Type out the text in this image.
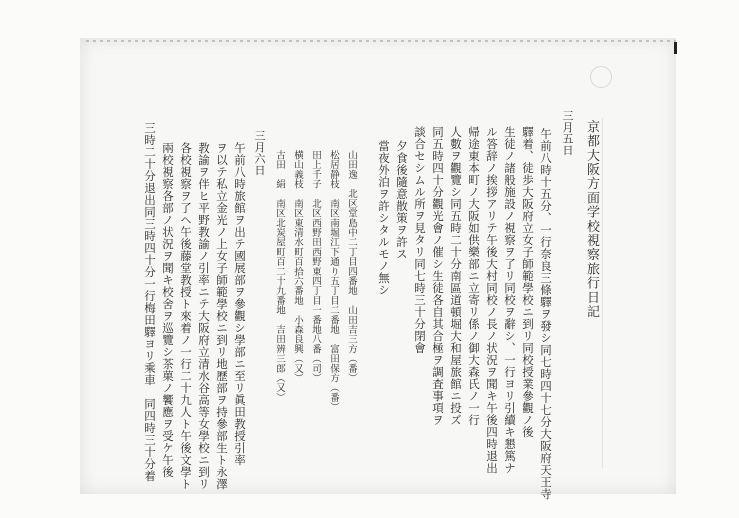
京都大阪方面学校視察旅行日記
三月五日
午前八時十五分、一行奈良三條驛ヲ發シ同七時四十七分大阪府天王寺
驛着、徒歩大阪府立女子師範學校ニ到リ同校授業參觀ノ後
生徒ノ諸般施設ノ視察ヲ了リ同校ヲ辭シ、一行ヨリ引續キ懇篤ナ
ル答辞ノ挨拶アリテ午後大村同校ノ長ノ状況ヲ聞キ午後四時退出
帰途東本町ノ大阪如供樂部ニ立寄リ係ノ御大森氏ノ一行
人數ヲ觀覽シ同五時二十分南區道頓堀大和屋旅館ニ投ズ
同五時四十分觀光會ノ催シ生徒各自其合極ヲ調査事項ヲ
談合セシムル所ヲ見タリ同七時三十分閉會
夕食後隨意散策ヲ許ス
當夜外泊ヲ許シタルモノ無シ
山田逸　北区堂島中二丁目四番地　山田吉三方（番）
松居静枝　南区南堀江下通り五丁目二番地　富田保方（番）
田上千子　北区西野田西野東四丁目一番地八番（司）
横山義枝　南区東清水町百拾六番地　小森良興（又）
古田　絹　南区北炭屋町百二十九番地　吉田辨三郎（又）
三月六日
午前八時旅館ヲ出テ國展部ヲ參觀シ學部ニ至リ眞田教授引率
ヲ以テ私立金光ノ上女子師範學校ニ到リ地歷部ヲ持參部生ト永澤
教諭ヲ伴ヒ平野教諭ノ引率ニテ大阪府立清水谷高等女學校ニ到リ
各校視察ヲ了ヘ午後藤堂教授ト來着ノ一行二十九人ト午後文學ト
兩校視察各部ノ状況ヲ聞キ校舍ヲ巡覽シ茶菓ノ饗應ヲ受ケ午後
三時二十分退出同三時四十分一行梅田驛ヨリ乘車　同四時三十分着
